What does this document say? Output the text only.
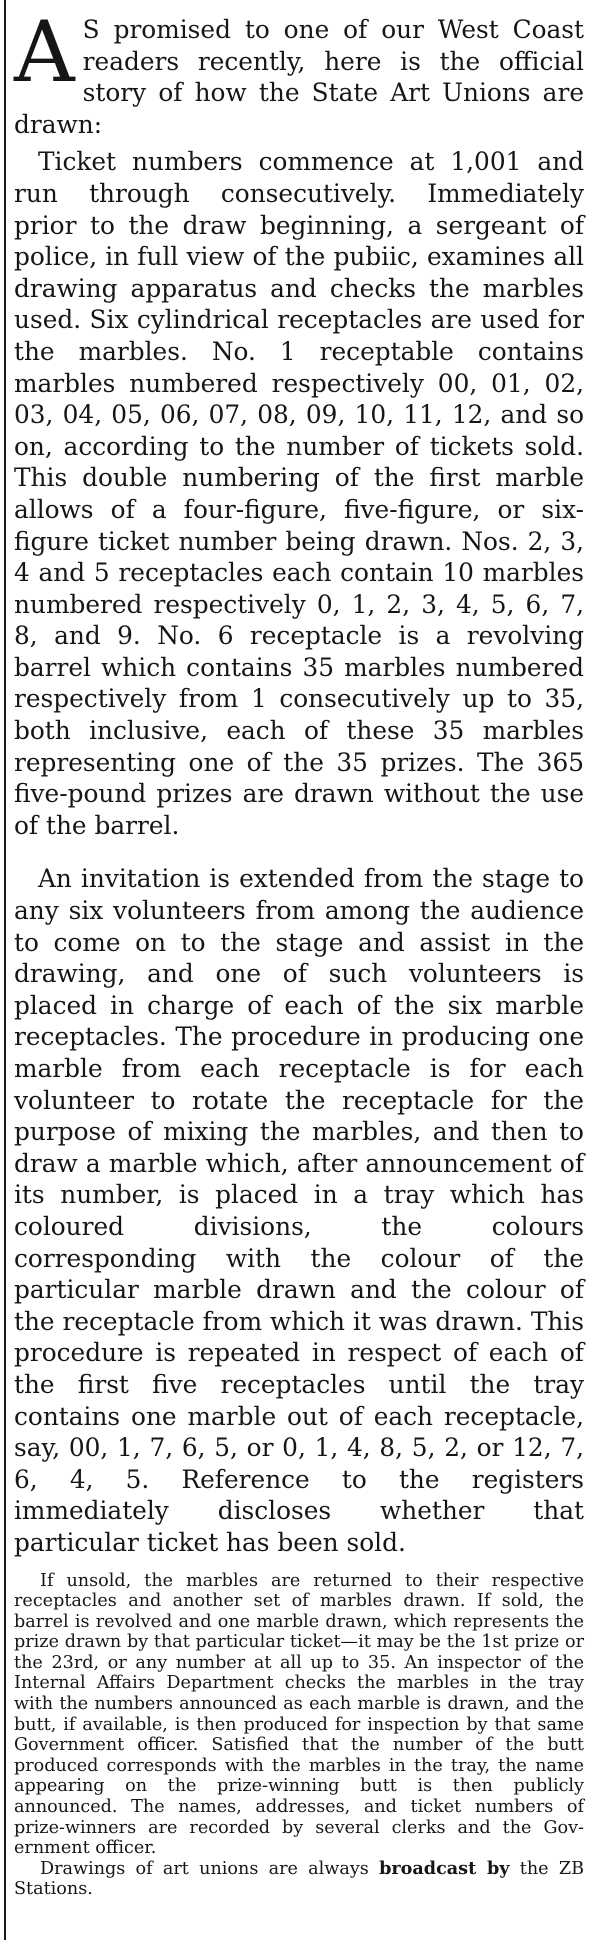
A S promised to one of our West Coast readers recently, here is the official story of how the State Art Unions are drawn:

Ticket numbers commence at 1,001 and run through consecutively. Immediately prior to the draw beginning, a sergeant of police, in full view of the pubiic, examines all drawing apparatus and checks the marbles used. Six cylindrical receptacles are used for the marbles. No. 1 receptable contains marbles numbered respectively 00, 01, 02, 03, 04, 05, 06, 07, 08, 09, 10, 11, 12, and so on, according to the number of tickets sold. This double numbering of the first marble allows of a four-figure, five-figure, or six-figure ticket number being drawn. Nos. 2, 3, 4 and 5 receptacles each contain 10 marbles numbered respectively 0, 1, 2, 3, 4, 5, 6, 7, 8, and 9. No. 6 receptacle is a revolving barrel which contains 35 marbles numbered respectively from 1 consecutively up to 35, both inclusive, each of these 35 marbles representing one of the 35 prizes. The 365 five-pound prizes are drawn without the use of the barrel.

An invitation is extended from the stage to any six volunteers from among the audience to come on to the stage and assist in the drawing, and one of such volunteers is placed in charge of each of the six marble receptacles. The procedure in producing one marble from each receptacle is for each volunteer to rotate the receptacle for the purpose of mixing the marbles, and then to draw a marble which, after announcement of its number, is placed in a tray which has coloured divisions, the colours corresponding with the colour of the particular marble drawn and the colour of the receptacle from which it was drawn. This procedure is repeated in respect of each of the first five receptacles until the tray contains one marble out of each receptacle, say, 00, 1, 7, 6, 5, or 0, 1, 4, 8, 5, 2, or 12, 7, 6, 4, 5. Reference to the registers immediately discloses whether that particular ticket has been sold.

If unsold, the marbles are returned to their respective receptacles and another set of marbles drawn. If sold, the barrel is revolved and one marble drawn, which represents the prize drawn by that particular ticket—it may be the 1st prize or the 23rd, or any number at all up to 35. An inspector of the Internal Affairs Department checks the marbles in the tray with the numbers announced as each marble is drawn, and the butt, if available, is then produced for inspection by that same Government officer. Satisfied that the number of the butt produced corresponds with the marbles in the tray, the name appearing on the prize-winning butt is then publicly announced. The names, addresses, and ticket numbers of prize-winners are recorded by several clerks and the Government officer.

Drawings of art unions are always broadcast by the ZB Stations.
